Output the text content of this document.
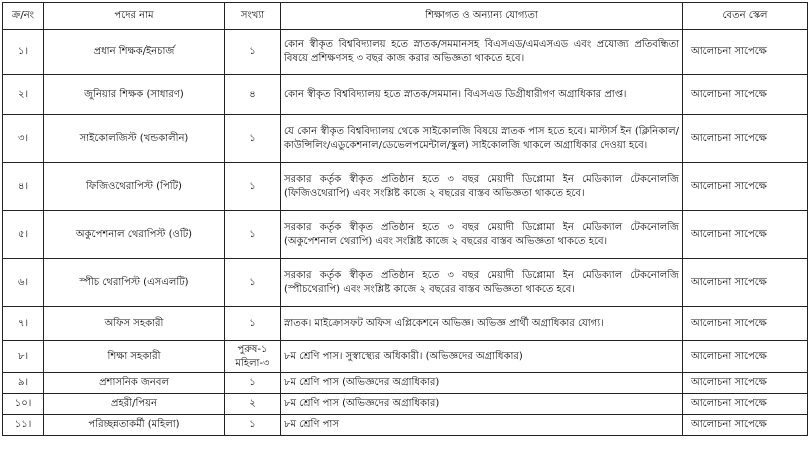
ক্র/নং	পদের নাম	সংখ্যা	শিক্ষাগত ও অন্যান্য যোগ্যতা	বেতন স্কেল
১।	প্রধান শিক্ষক/ইনচার্জ	১	কোন স্বীকৃত বিশ্ববিদ্যালয় হতে স্নাতক/সমমানসহ বিএসএড/এমএসএড এবং প্রযোজ্য প্রতিবন্ধিতা বিষয়ে প্রশিক্ষণসহ ৩ বছর কাজ করার অভিজ্ঞতা থাকতে হবে।	আলোচনা সাপেক্ষে
২।	জুনিয়ার শিক্ষক (সাধারণ)	৪	কোন স্বীকৃত বিশ্ববিদ্যালয় হতে স্নাতক/সমমান। বিএসএড ডিগ্রীধারীগণ অগ্রাধিকার প্রাপ্ত।	আলোচনা সাপেক্ষে
৩।	সাইকোলজিস্ট (খন্ডকালীন)	১	যে কোন স্বীকৃত বিশ্ববিদ্যালয় থেকে সাইকোলজি বিষয়ে স্নাতক পাস হতে হবে। মাস্টার্স ইন (ক্লিনিকাল/কাউন্সিলিং/এডুকেশনাল/ডেভেলপমেন্টাল/স্কুল) সাইকোলজি থাকলে অগ্রাধিকার দেওয়া হবে।	আলোচনা সাপেক্ষে
৪।	ফিজিওথেরাপিস্ট (পিটি)	১	সরকার কর্তৃক স্বীকৃত প্রতিষ্ঠান হতে ৩ বছর মেয়াদী ডিপ্লোমা ইন মেডিক্যাল টেকনোলজি (ফিজিওথেরাপি) এবং সংশ্লিষ্ট কাজে ২ বছরের বাস্তব অভিজ্ঞতা থাকতে হবে।	আলোচনা সাপেক্ষে
৫।	অকুপেশনাল থেরাপিস্ট (ওটি)	১	সরকার কর্তৃক স্বীকৃত প্রতিষ্ঠান হতে ৩ বছর মেয়াদী ডিপ্লোমা ইন মেডিক্যাল টেকনোলজি (অকুপেশনাল থেরাপি) এবং সংশ্লিষ্ট কাজে ২ বছরের বাস্তব অভিজ্ঞতা থাকতে হবে।	আলোচনা সাপেক্ষে
৬।	স্পীচ থেরাপিস্ট (এসএলটি)	১	সরকার কর্তৃক স্বীকৃত প্রতিষ্ঠান হতে ৩ বছর মেয়াদী ডিপ্লোমা ইন মেডিক্যাল টেকনোলজি (স্পীচথেরাপি) এবং সংশ্লিষ্ট কাজে ২ বছরের বাস্তব অভিজ্ঞতা থাকতে হবে।	আলোচনা সাপেক্ষে
৭।	অফিস সহকারী	১	স্নাতক। মাইক্রোসফট অফিস এপ্লিকেশনে অভিজ্ঞ। অভিজ্ঞ প্রার্থী অগ্রাধিকার যোগ্য।	আলোচনা সাপেক্ষে
৮।	শিক্ষা সহকারী	পুরুষ-১ মহিলা-৩	৮ম শ্রেণি পাস। সুস্বাস্থ্যের অধিকারী। (অভিজ্ঞদের অগ্রাধিকার)	আলোচনা সাপেক্ষে
৯।	প্রশাসনিক জনবল	১	৮ম শ্রেণি পাস (অভিজ্ঞদের অগ্রাধিকার)	আলোচনা সাপেক্ষে
১০।	প্রহরী/পিয়ন	২	৮ম শ্রেণি পাস (অভিজ্ঞদের অগ্রাধিকার)	আলোচনা সাপেক্ষে
১১।	পরিচ্ছন্নতাকর্মী (মহিলা)	১	৮ম শ্রেণি পাস	আলোচনা সাপেক্ষে
